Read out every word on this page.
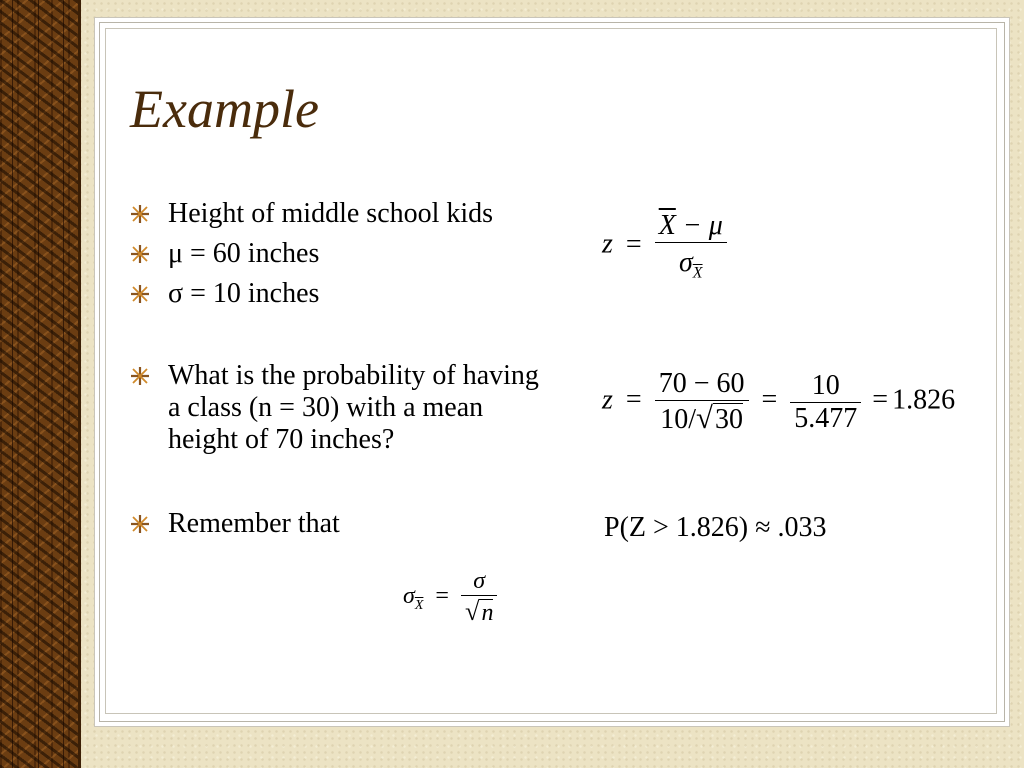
Example
Height of middle school kids
μ = 60 inches
σ = 10 inches
What is the probability of having a class (n = 30) with a mean height of 70 inches?
Remember that
$z = \frac{\overline{X} - \mu}{\sigma_{\overline{X}}}$
$z = \frac{70 - 60}{10/√30} = \frac{10}{5.477} = 1.826$
P(Z > 1.826) ≈ .033
$\sigma_{\overline{X}} = \frac{\sigma}{√n}$
